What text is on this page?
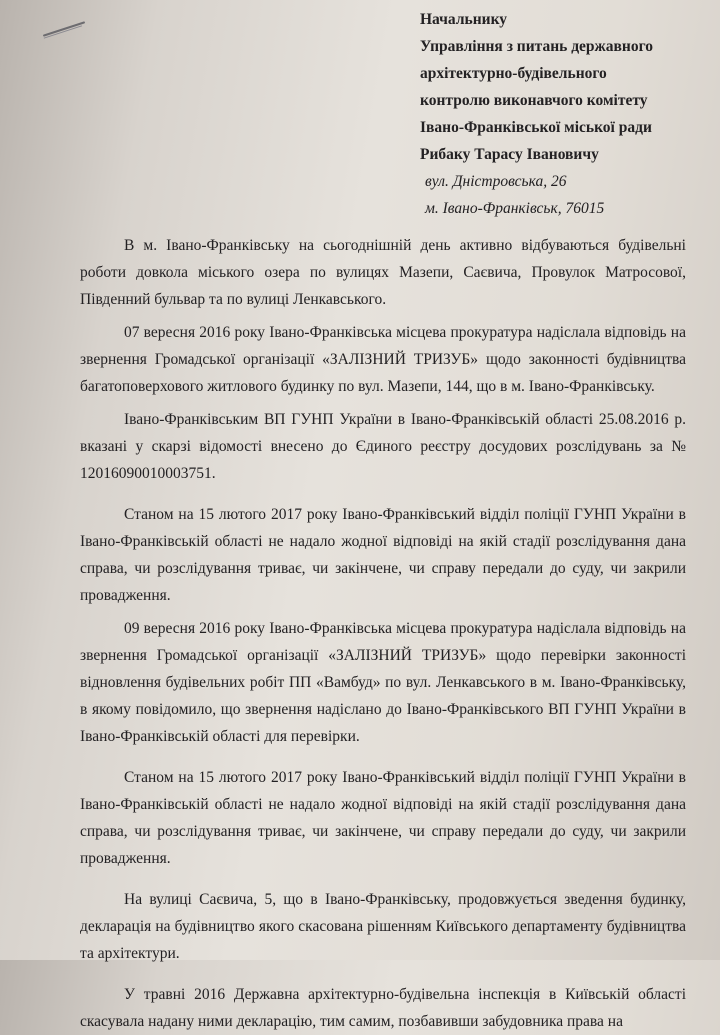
Начальнику
Управління з питань державного
архітектурно-будівельного
контролю виконавчого комітету
Івано-Франківської міської ради
Рибаку Тарасу Івановичу
вул. Дністровська, 26
м. Івано-Франківськ, 76015

В м. Івано-Франківську на сьогоднішній день активно відбуваються будівельні роботи довкола міського озера по вулицях Мазепи, Саєвича, Провулок Матросової, Південний бульвар та по вулиці Ленкавського.

07 вересня 2016 року Івано-Франківська місцева прокуратура надіслала відповідь на звернення Громадської організації «ЗАЛІЗНИЙ ТРИЗУБ» щодо законності будівництва багатоповерхового житлового будинку по вул. Мазепи, 144, що в м. Івано-Франківську.

Івано-Франківським ВП ГУНП України в Івано-Франківській області 25.08.2016 р. вказані у скарзі відомості внесено до Єдиного реєстру досудових розслідувань за № 12016090010003751.

Станом на 15 лютого 2017 року Івано-Франківський відділ поліції ГУНП України в Івано-Франківській області не надало жодної відповіді на якій стадії розслідування дана справа, чи розслідування триває, чи закінчене, чи справу передали до суду, чи закрили провадження.

09 вересня 2016 року Івано-Франківська місцева прокуратура надіслала відповідь на звернення Громадської організації «ЗАЛІЗНИЙ ТРИЗУБ» щодо перевірки законності відновлення будівельних робіт ПП «Вамбуд» по вул. Ленкавського в м. Івано-Франківську, в якому повідомило, що звернення надіслано до Івано-Франківського ВП ГУНП України в Івано-Франківській області для перевірки.

Станом на 15 лютого 2017 року Івано-Франківський відділ поліції ГУНП України в Івано-Франківській області не надало жодної відповіді на якій стадії розслідування дана справа, чи розслідування триває, чи закінчене, чи справу передали до суду, чи закрили провадження.

На вулиці Саєвича, 5, що в Івано-Франківську, продовжується зведення будинку, декларація на будівництво якого скасована рішенням Київського департаменту будівництва та архітектури.

У травні 2016 Державна архітектурно-будівельна інспекція в Київській області скасувала надану ними декларацію, тим самим, позбавивши забудовника права на
